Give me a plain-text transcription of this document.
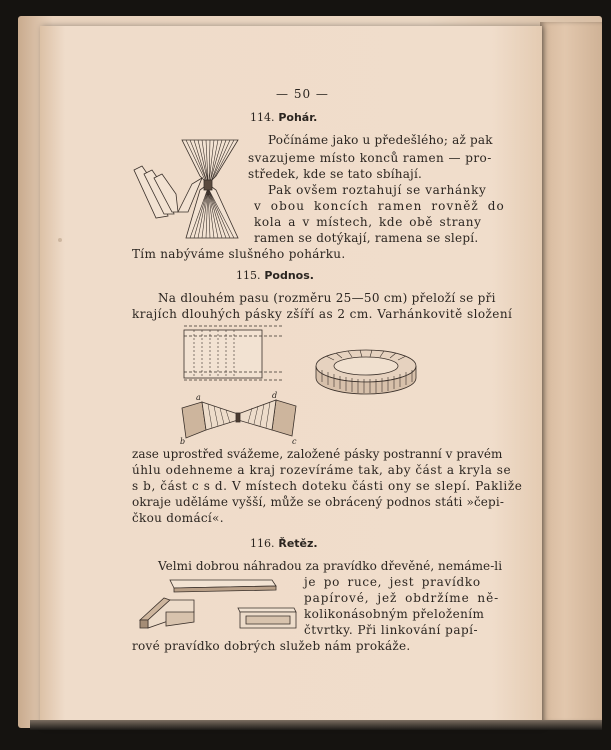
— 50 —
114. Pohár.

Počínáme jako u předešlého; až pak

svazujeme místo konců ramen — pro-

středek, kde se tato sbíhají.

Pak ovšem roztahují se varhánky

v obou koncích ramen rovněž do

kola a v místech, kde obě strany

ramen se dotýkají, ramena se slepí.

Tím nabýváme slušného pohárku.

115. Podnos.

Na dlouhém pasu (rozměru 25—50 cm) přeloží se při

krajích dlouhých pásky zšíří as 2 cm. Varhánkovitě složení

a
b	c
d

zase uprostřed svážeme, založené pásky postranní v pravém

úhlu odehneme a kraj rozevíráme tak, aby část a kryla se

s b, část c s d. V místech doteku části ony se slepí. Pakliže

okraje uděláme vyšší, může se obrácený podnos státi »čepi-

čkou domácí«.

116. Řetěz.

Velmi dobrou náhradou za pravídko dřevěné, nemáme-li

je po ruce, jest pravídko

papírové, jež obdržíme ně-

kolikonásobným přeložením

čtvrtky. Při linkování papí-

rové pravídko dobrých služeb nám prokáže.
